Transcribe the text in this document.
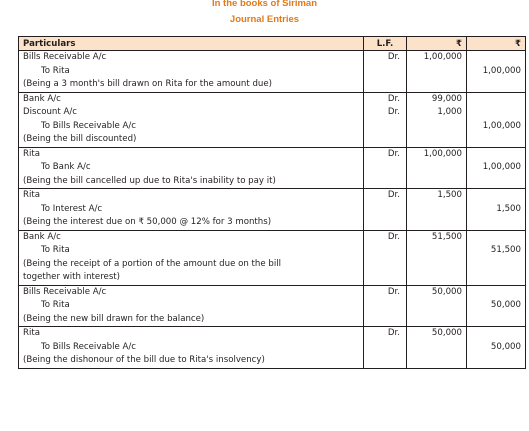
In the books of Siriman
Journal Entries
Particulars	L.F.	₹	₹
Bills Receivable A/c	Dr.	1,00,000	
To Rita			1,00,000
(Being a 3 month's bill drawn on Rita for the amount due)			
Bank A/c	Dr.	99,000	
Discount A/c	Dr.	1,000	
To Bills Receivable A/c			1,00,000
(Being the bill discounted)			
Rita	Dr.	1,00,000	
To Bank A/c			1,00,000
(Being the bill cancelled up due to Rita's inability to pay it)			
Rita	Dr.	1,500	
To Interest A/c			1,500
(Being the interest due on ₹ 50,000 @ 12% for 3 months)			
Bank A/c	Dr.	51,500	
To Rita			51,500
(Being the receipt of a portion of the amount due on the bill			
together with interest)			
Bills Receivable A/c	Dr.	50,000	
To Rita			50,000
(Being the new bill drawn for the balance)			
Rita	Dr.	50,000	
To Bills Receivable A/c			50,000
(Being the dishonour of the bill due to Rita's insolvency)			
